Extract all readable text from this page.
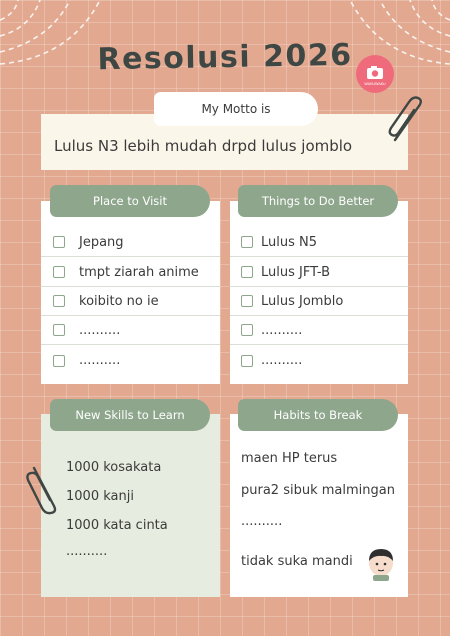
Resolusi 2026
WAKUWAKU
Lulus N3 lebih mudah drpd lulus jomblo
My Motto is
Jepang
tmpt ziarah anime
koibito no ie
..........
..........
Place to Visit
Lulus N5
Lulus JFT-B
Lulus Jomblo
..........
..........
Things to Do Better
1000 kosakata
1000 kanji
1000 kata cinta
..........
New Skills to Learn
maen HP terus
pura2 sibuk malmingan
..........
tidak suka mandi
Habits to Break
